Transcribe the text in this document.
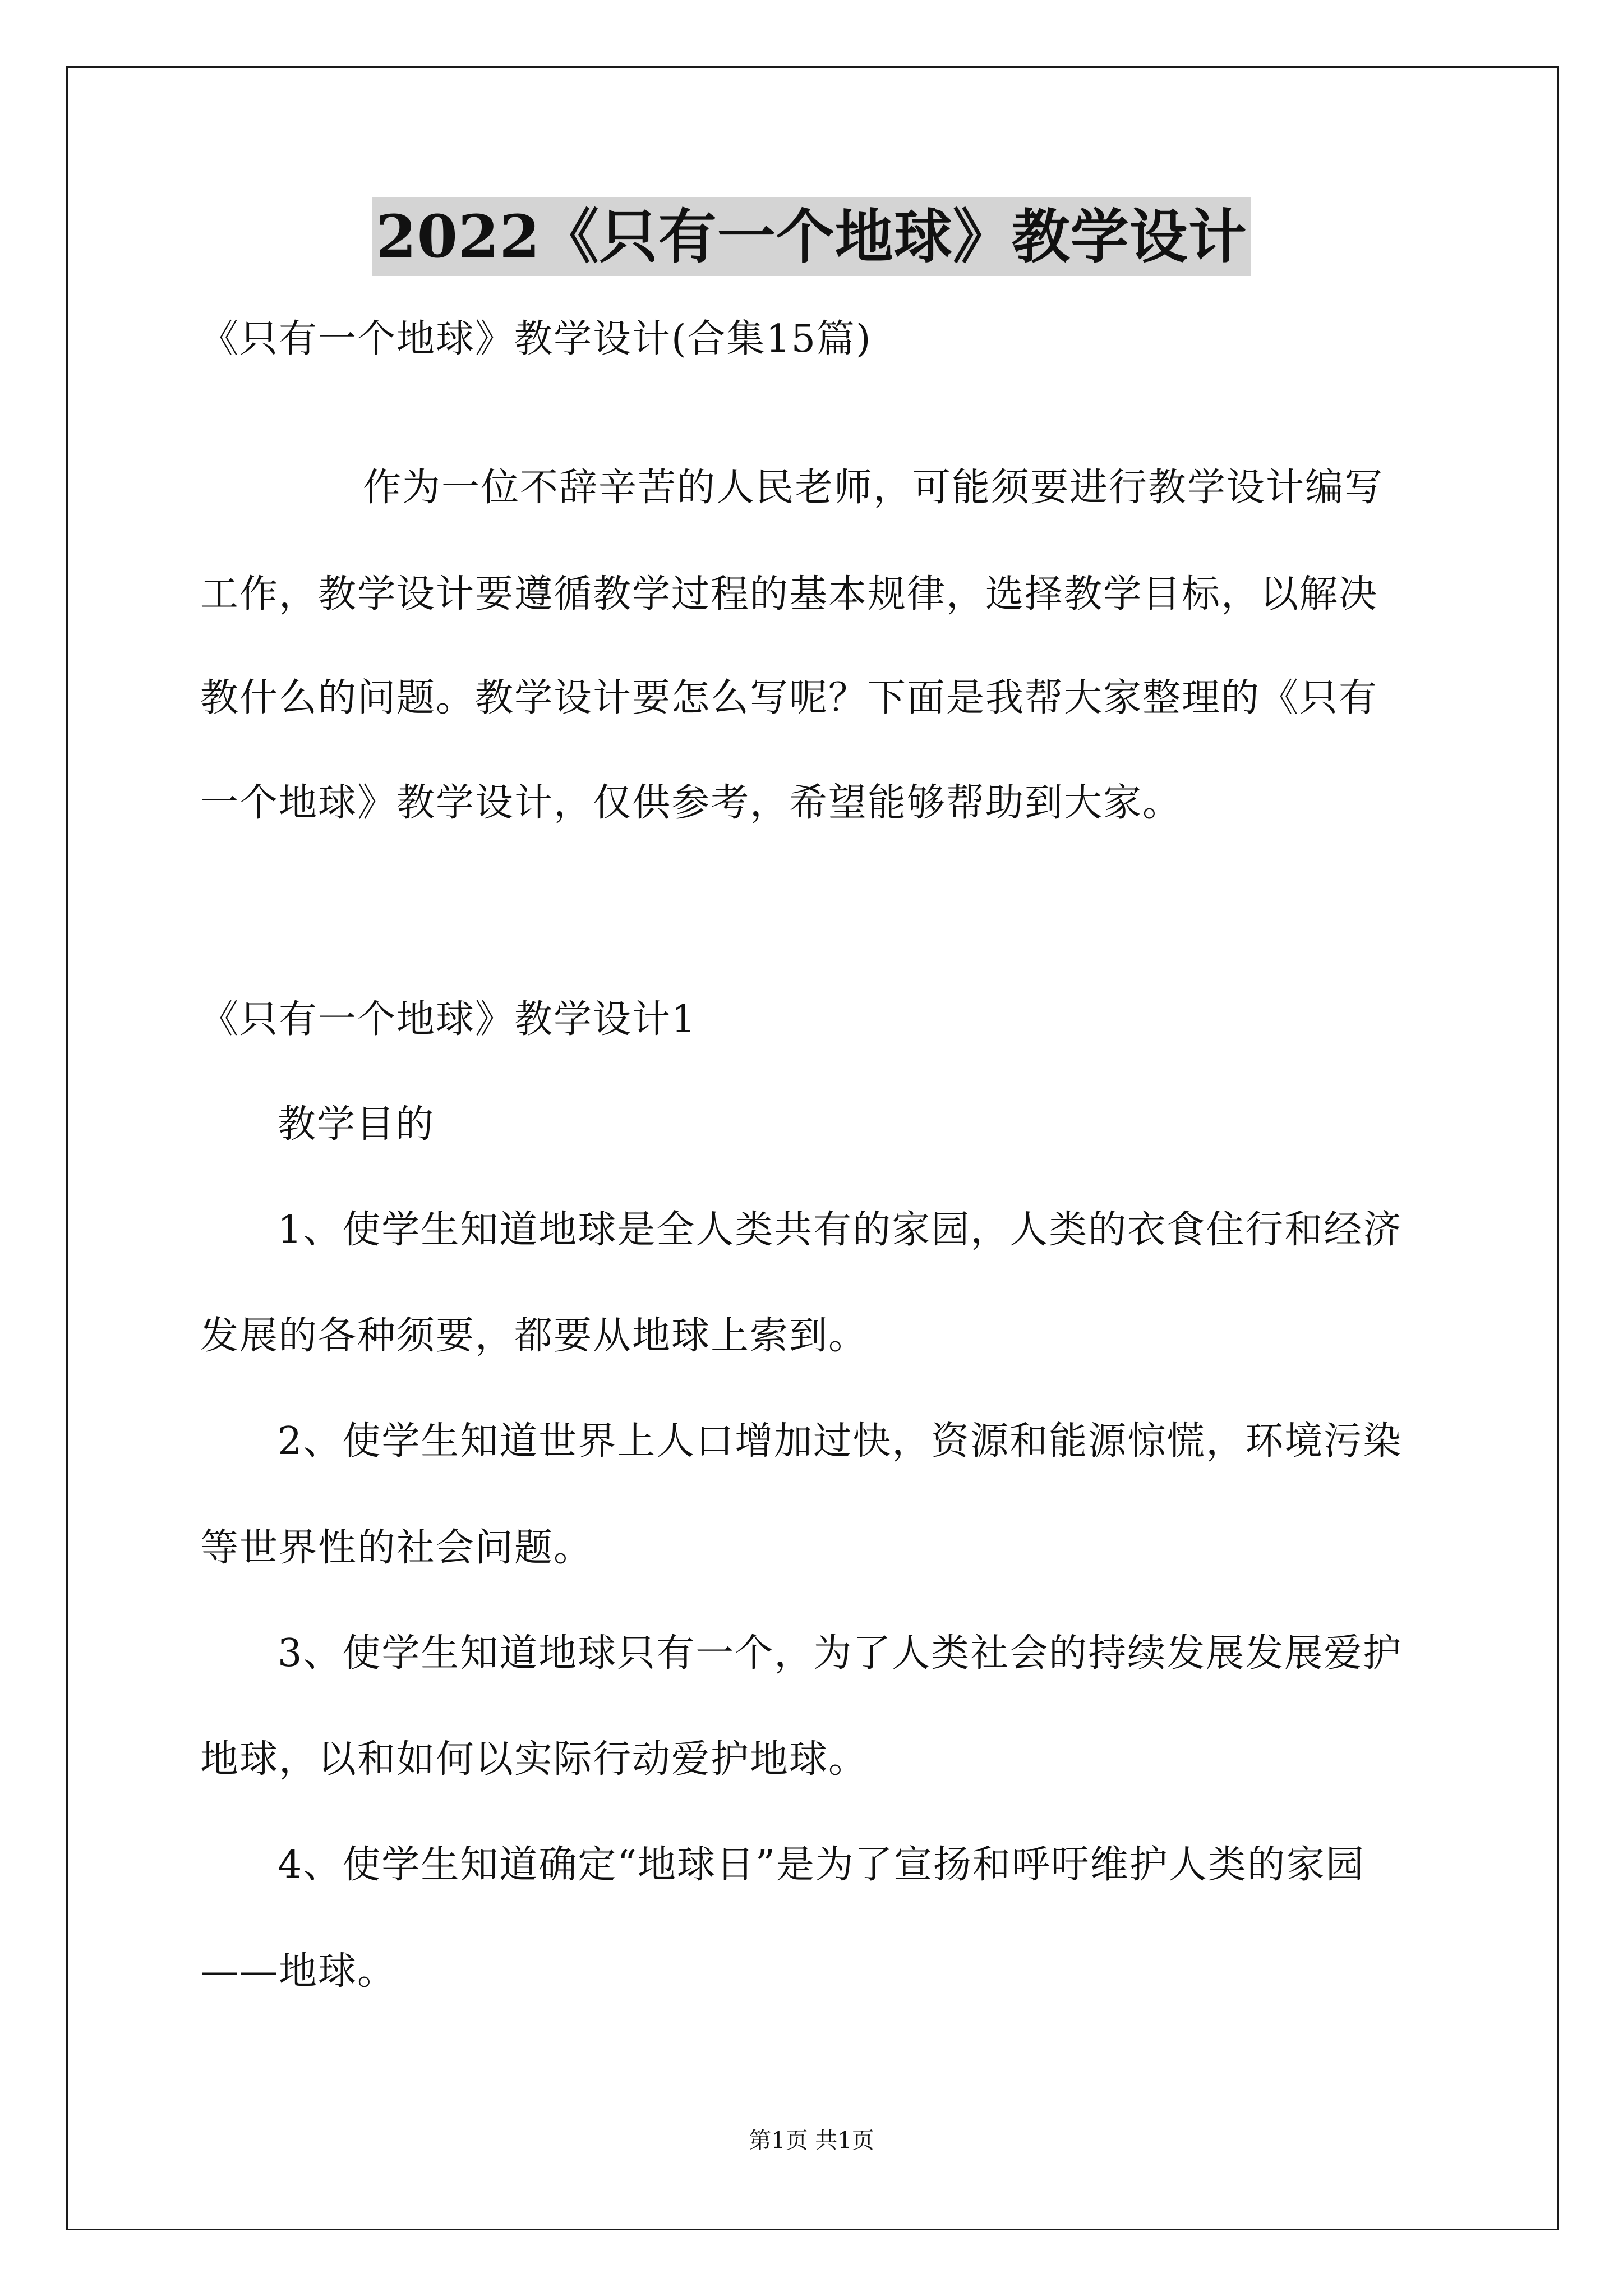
2022《只有一个地球》教学设计
《只有一个地球》教学设计(合集15篇)
作为一位不辞辛苦的人民老师，可能须要进行教学设计编写
工作，教学设计要遵循教学过程的基本规律，选择教学目标，以解决
教什么的问题。教学设计要怎么写呢？下面是我帮大家整理的《只有
一个地球》教学设计，仅供参考，希望能够帮助到大家。
《只有一个地球》教学设计1
教学目的
1、使学生知道地球是全人类共有的家园，人类的衣食住行和经济
发展的各种须要，都要从地球上索到。
2、使学生知道世界上人口增加过快，资源和能源惊慌，环境污染
等世界性的社会问题。
3、使学生知道地球只有一个，为了人类社会的持续发展发展爱护
地球，以和如何以实际行动爱护地球。
4、使学生知道确定“地球日”是为了宣扬和呼吁维护人类的家园
——地球。
第1页 共1页
